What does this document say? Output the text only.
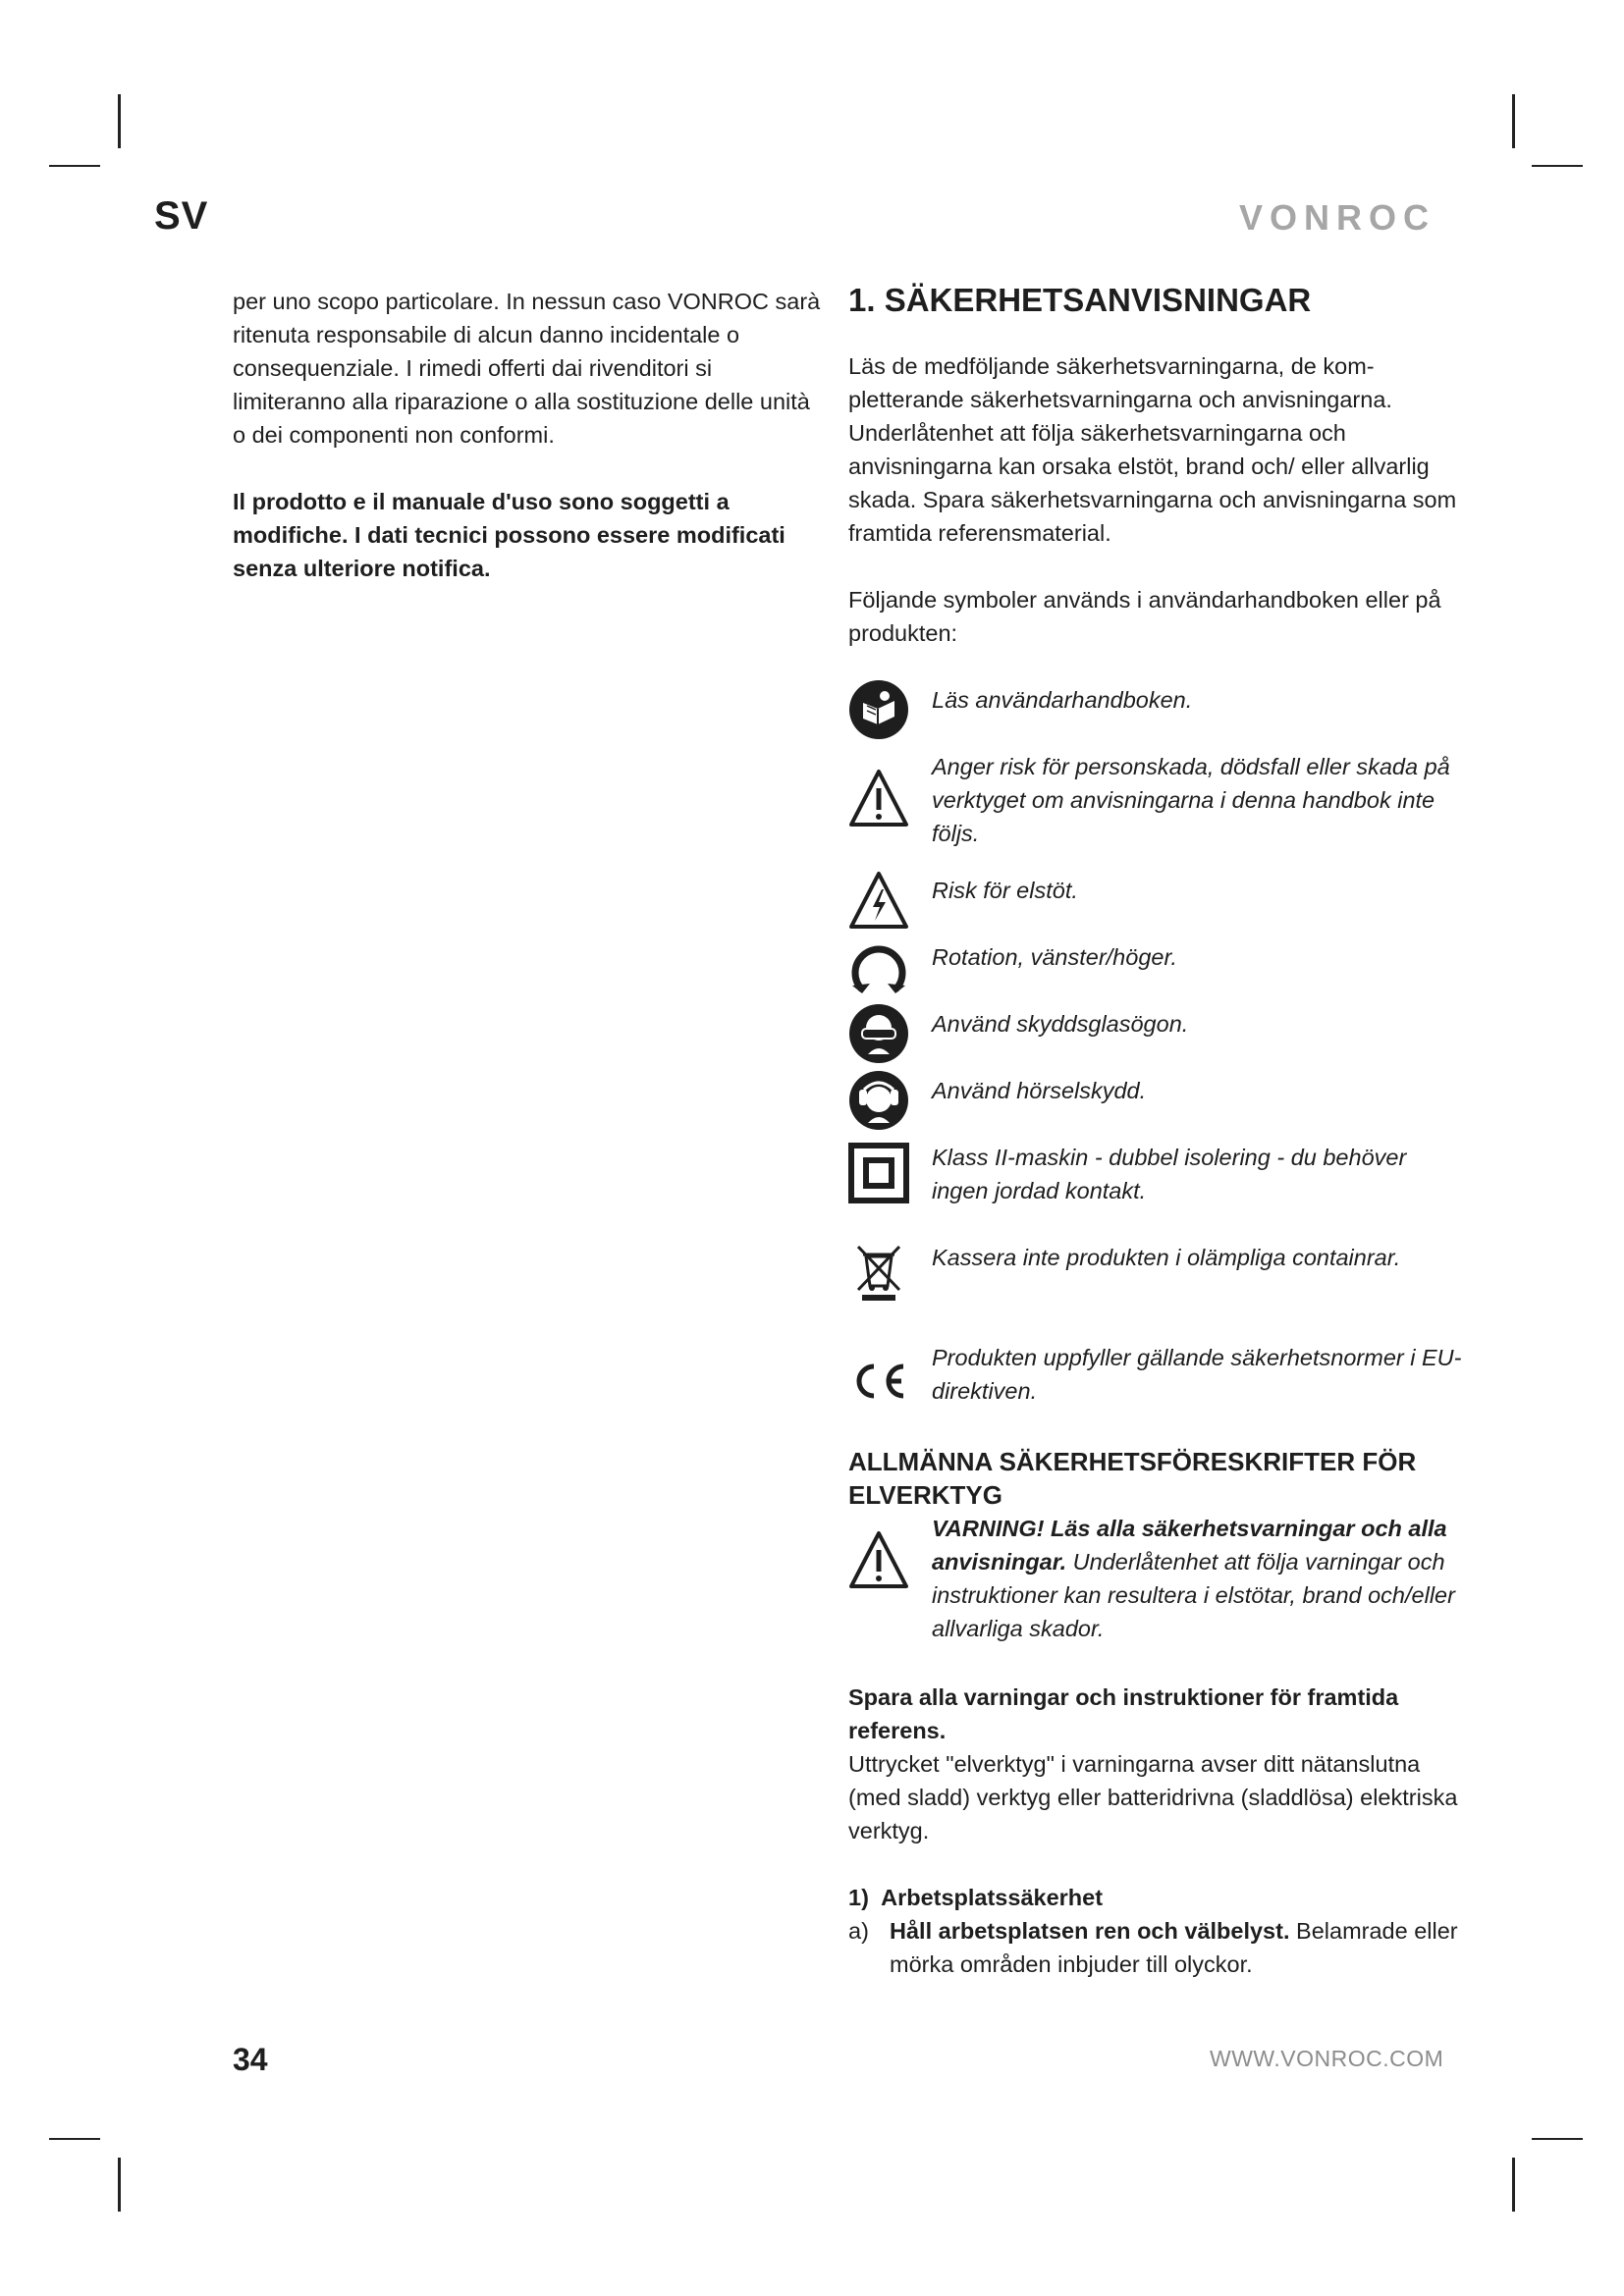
SV	VONROC

per uno scopo particolare. In nessun caso VONROC sarà ritenuta responsabile di alcun danno incidentale o consequenziale. I rimedi offerti dai rivenditori si limiteranno alla riparazione o alla sostituzione delle unità o dei componenti non conformi.

Il prodotto e il manuale d'uso sono soggetti a modifiche. I dati tecnici possono essere modificati senza ulteriore notifica.

1. SÄKERHETSANVISNINGAR

Läs de medföljande säkerhetsvarningarna, de kompletterande säkerhetsvarningarna och anvisningarna. Underlåtenhet att följa säkerhetsvarningarna och anvisningarna kan orsaka elstöt, brand och/ eller allvarlig skada. Spara säkerhetsvarningarna och anvisningarna som framtida referensmaterial.

Följande symboler används i användarhandboken eller på produkten:

Läs användarhandboken.
Anger risk för personskada, dödsfall eller skada på verktyget om anvisningarna i denna handbok inte följs.
Risk för elstöt.
Rotation, vänster/höger.
Använd skyddsglasögon.
Använd hörselskydd.
Klass II-maskin - dubbel isolering - du behöver ingen jordad kontakt.
Kassera inte produkten i olämpliga containrar.
Produkten uppfyller gällande säkerhetsnormer i EU-direktiven.
ALLMÄNNA SÄKERHETSFÖRESKRIFTER FÖR ELVERKTYG
VARNING! Läs alla säkerhetsvarningar och alla anvisningar. Underlåtenhet att följa varningar och instruktioner kan resultera i elstötar, brand och/eller allvarliga skador.

Spara alla varningar och instruktioner för framtida referens.

Uttrycket "elverktyg" i varningarna avser ditt nätanslutna (med sladd) verktyg eller batteridrivna (sladdlösa) elektriska verktyg.

1) Arbetsplatssäkerhet

a) Håll arbetsplatsen ren och välbelyst. Belamrade eller mörka områden inbjuder till olyckor.

34	WWW.VONROC.COM
